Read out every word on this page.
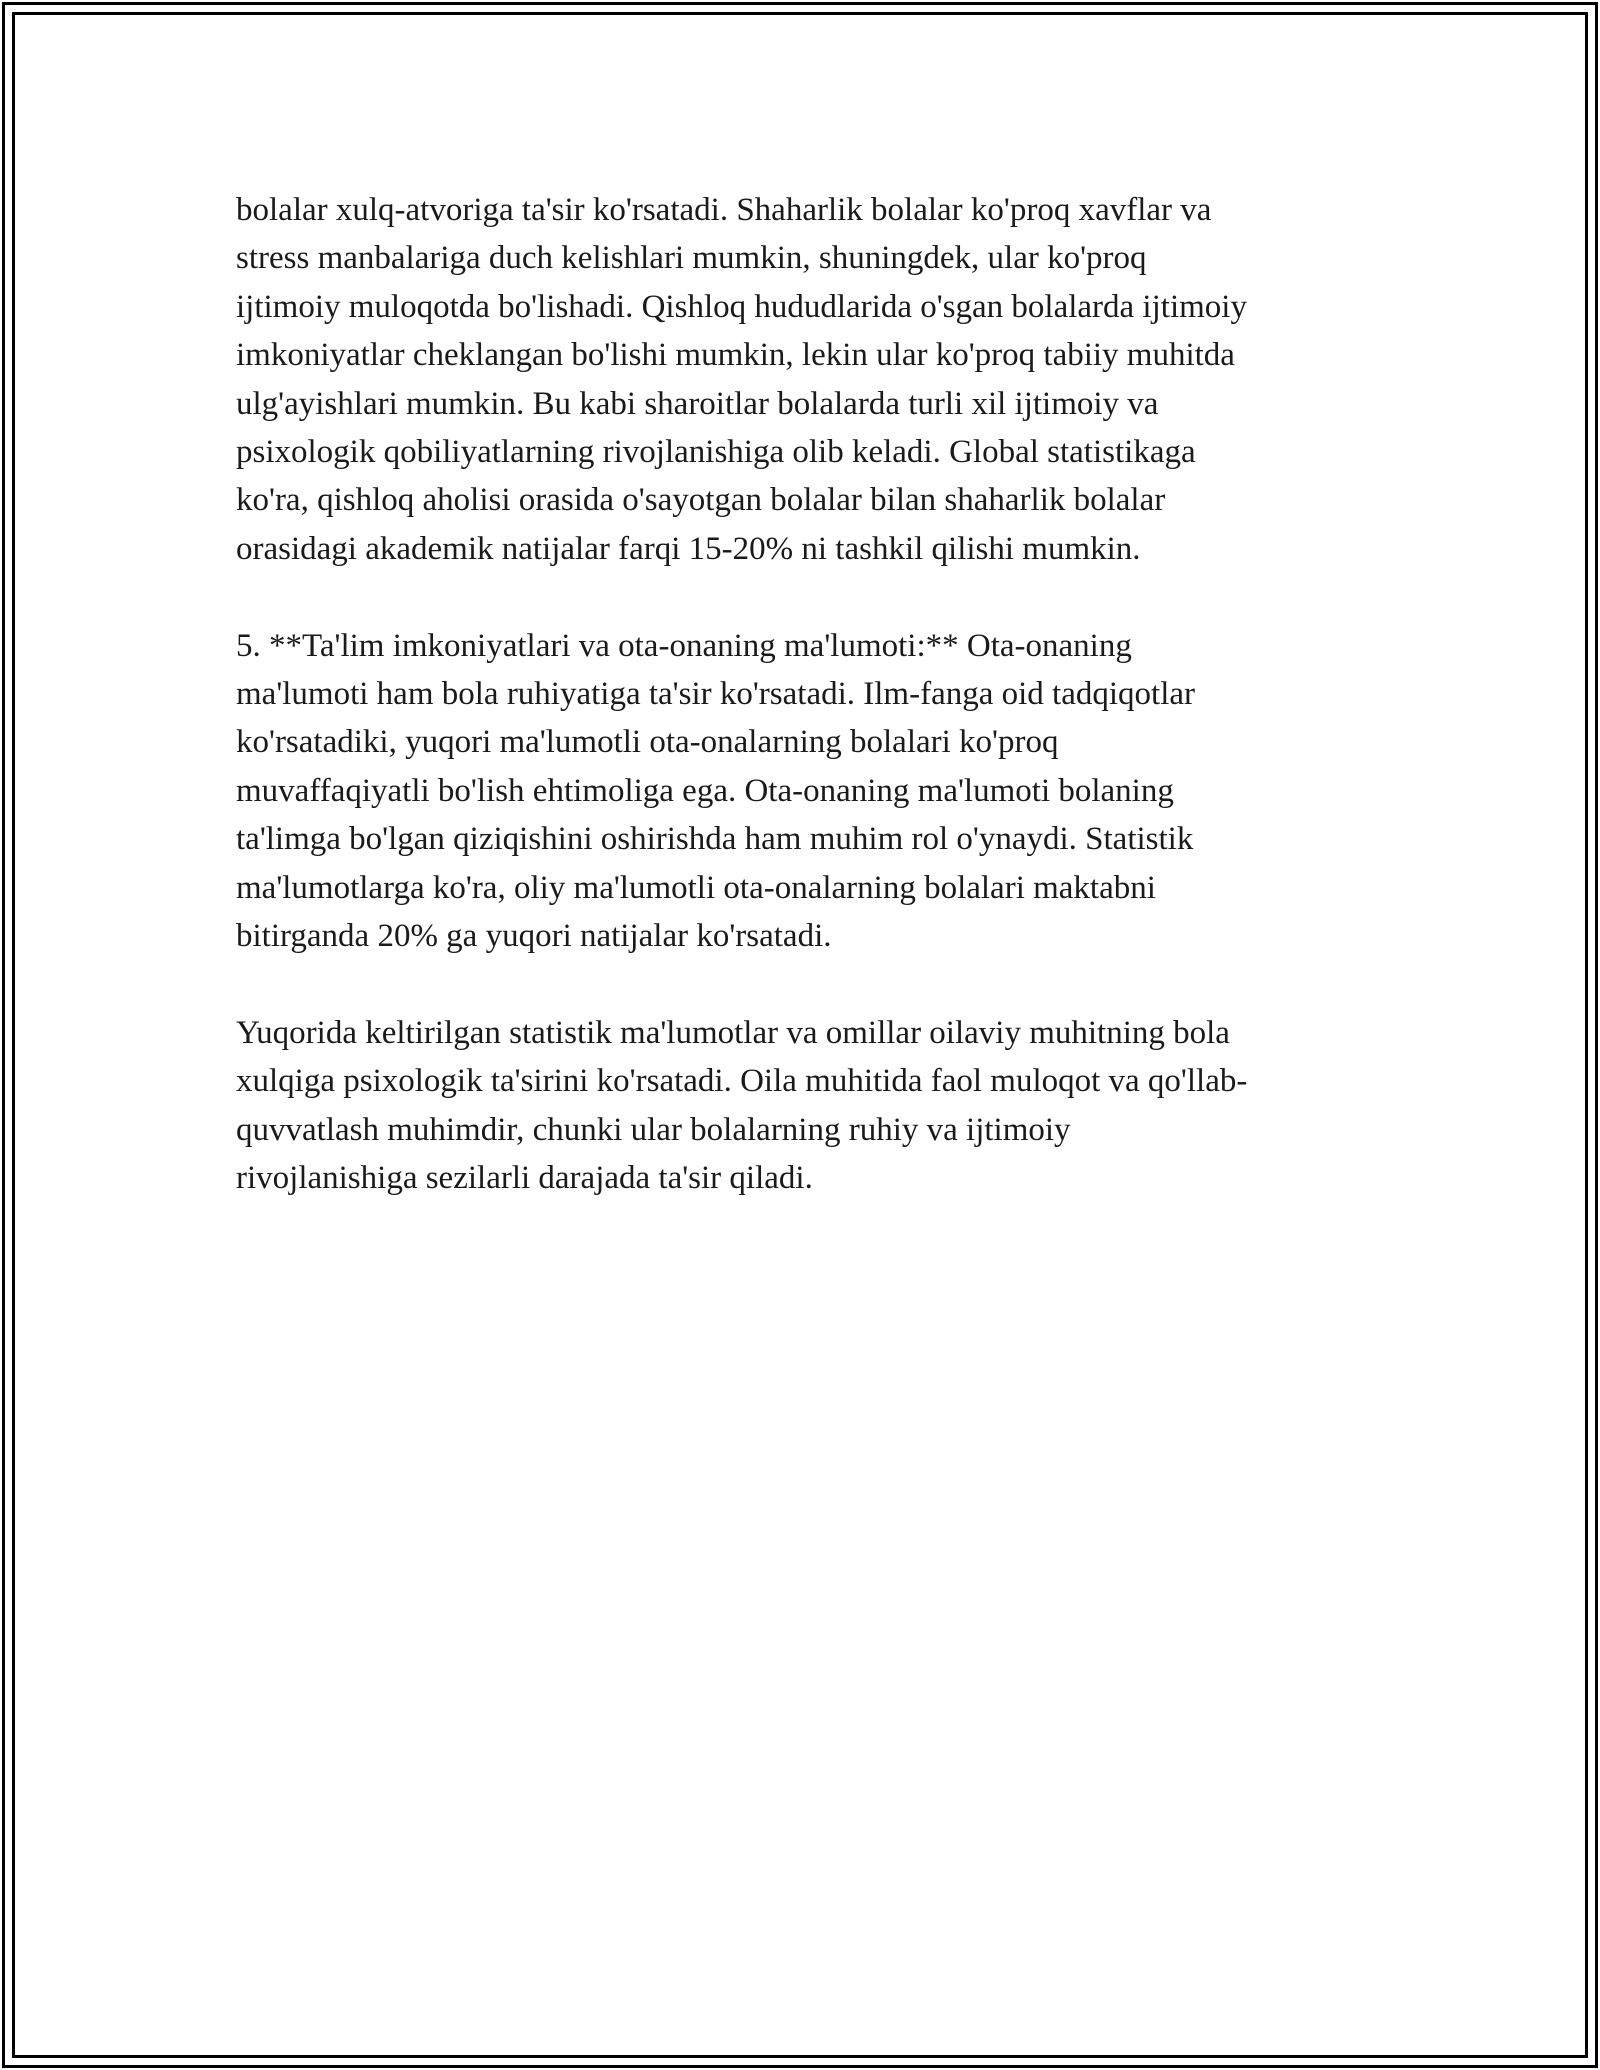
bolalar xulq-atvoriga ta'sir ko'rsatadi. Shaharlik bolalar ko'proq xavflar va
stress manbalariga duch kelishlari mumkin, shuningdek, ular ko'proq
ijtimoiy muloqotda bo'lishadi. Qishloq hududlarida o'sgan bolalarda ijtimoiy
imkoniyatlar cheklangan bo'lishi mumkin, lekin ular ko'proq tabiiy muhitda
ulg'ayishlari mumkin. Bu kabi sharoitlar bolalarda turli xil ijtimoiy va
psixologik qobiliyatlarning rivojlanishiga olib keladi. Global statistikaga
ko'ra, qishloq aholisi orasida o'sayotgan bolalar bilan shaharlik bolalar
orasidagi akademik natijalar farqi 15-20% ni tashkil qilishi mumkin.
5. **Ta'lim imkoniyatlari va ota-onaning ma'lumoti:** Ota-onaning
ma'lumoti ham bola ruhiyatiga ta'sir ko'rsatadi. Ilm-fanga oid tadqiqotlar
ko'rsatadiki, yuqori ma'lumotli ota-onalarning bolalari ko'proq
muvaffaqiyatli bo'lish ehtimoliga ega. Ota-onaning ma'lumoti bolaning
ta'limga bo'lgan qiziqishini oshirishda ham muhim rol o'ynaydi. Statistik
ma'lumotlarga ko'ra, oliy ma'lumotli ota-onalarning bolalari maktabni
bitirganda 20% ga yuqori natijalar ko'rsatadi.
Yuqorida keltirilgan statistik ma'lumotlar va omillar oilaviy muhitning bola
xulqiga psixologik ta'sirini ko'rsatadi. Oila muhitida faol muloqot va qo'llab-
quvvatlash muhimdir, chunki ular bolalarning ruhiy va ijtimoiy
rivojlanishiga sezilarli darajada ta'sir qiladi.
